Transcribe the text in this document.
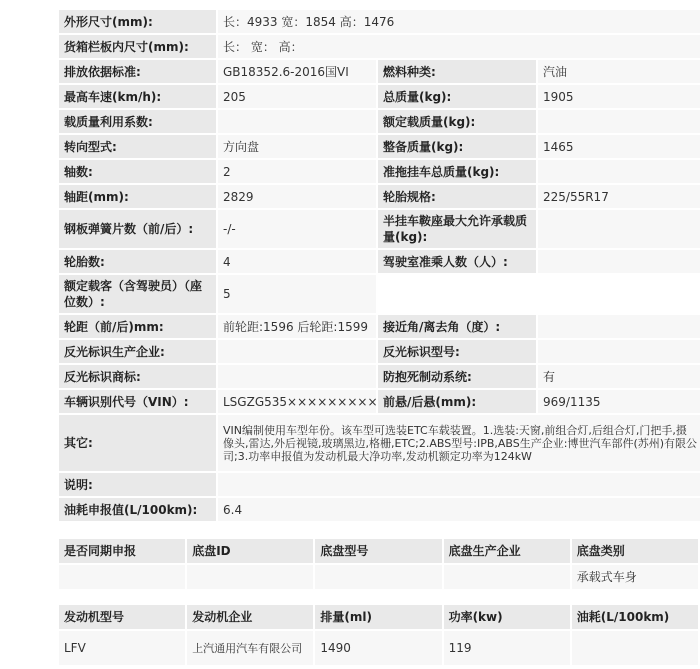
外形尺寸(mm):	长：4933 宽：1854 高：1476		
货箱栏板内尺寸(mm):	长： 宽： 高：		
排放依据标准:	GB18352.6-2016国VI	燃料种类:	汽油
最高车速(km/h):	205	总质量(kg):	1905
载质量利用系数:		额定载质量(kg):	
转向型式:	方向盘	整备质量(kg):	1465
轴数:	2	准拖挂车总质量(kg):	
轴距(mm):	2829	轮胎规格:	225/55R17
钢板弹簧片数（前/后）:	-/-	半挂车鞍座最大允许承载质量(kg):	
轮胎数:	4	驾驶室准乘人数（人）:	
额定载客（含驾驶员）（座位数）:	5		
轮距（前/后)mm:	前轮距:1596 后轮距:1599	接近角/离去角（度）:	
反光标识生产企业:		反光标识型号:	
反光标识商标:		防抱死制动系统:	有
车辆识别代号（VIN）:	LSGZG535×××××××××	前悬/后悬(mm):	969/1135
其它:	VIN编制使用车型年份。该车型可选装ETC车载装置。1.选装:天窗,前组合灯,后组合灯,门把手,摄像头,雷达,外后视镜,玻璃黑边,格栅,ETC;2.ABS型号:IPB,ABS生产企业:博世汽车部件(苏州)有限公司;3.功率申报值为发动机最大净功率,发动机额定功率为124kW		
说明:			
油耗申报值(L/100km):	6.4		
是否同期申报	底盘ID	底盘型号	底盘生产企业	底盘类别
				承载式车身
发动机型号	发动机企业	排量(ml)	功率(kw)	油耗(L/100km)
LFV	上汽通用汽车有限公司	1490	119	
